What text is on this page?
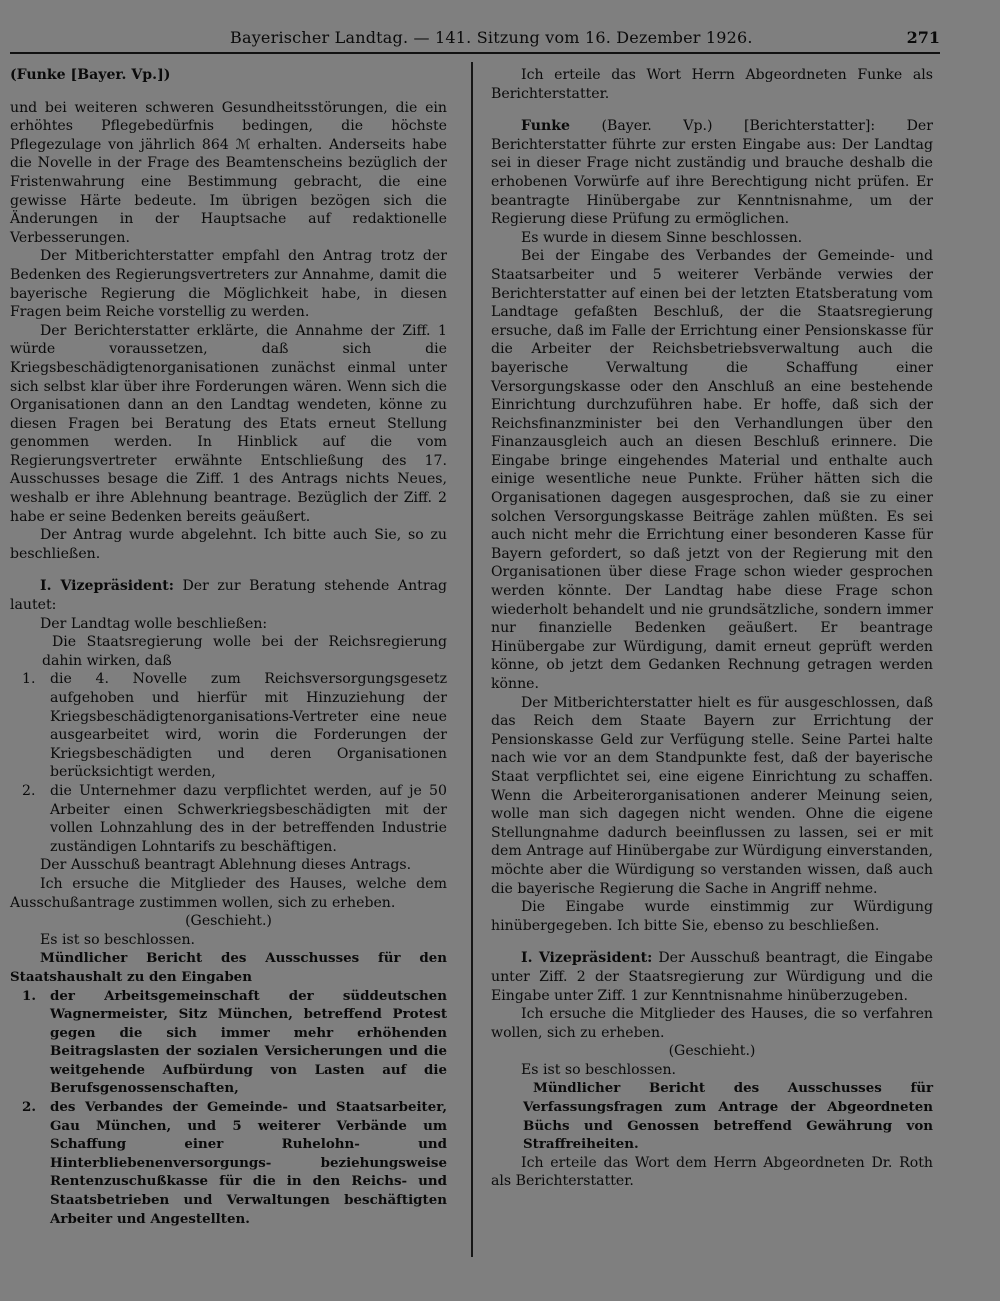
Bayerischer Landtag. — 141. Sitzung vom 16. Dezember 1926.	271

(Funke [Bayer. Vp.])

und bei weiteren schweren Gesundheitsstörungen, die ein erhöhtes Pflegebedürfnis bedingen, die höchste Pflegezulage von jährlich 864 ℳ erhalten. Anderseits habe die Novelle in der Frage des Beamtenscheins bezüglich der Fristenwahrung eine Bestimmung gebracht, die eine gewisse Härte bedeute. Im übrigen bezögen sich die Änderungen in der Hauptsache auf redaktionelle Verbesserungen.

Der Mitberichterstatter empfahl den Antrag trotz der Bedenken des Regierungsvertreters zur Annahme, damit die bayerische Regierung die Möglichkeit habe, in diesen Fragen beim Reiche vorstellig zu werden.

Der Berichterstatter erklärte, die Annahme der Ziff. 1 würde voraussetzen, daß sich die Kriegsbeschädigtenorganisationen zunächst einmal unter sich selbst klar über ihre Forderungen wären. Wenn sich die Organisationen dann an den Landtag wendeten, könne zu diesen Fragen bei Beratung des Etats erneut Stellung genommen werden. In Hinblick auf die vom Regierungsvertreter erwähnte Entschließung des 17. Ausschusses besage die Ziff. 1 des Antrags nichts Neues, weshalb er ihre Ablehnung beantrage. Bezüglich der Ziff. 2 habe er seine Bedenken bereits geäußert.

Der Antrag wurde abgelehnt. Ich bitte auch Sie, so zu beschließen.

I. Vizepräsident: Der zur Beratung stehende Antrag lautet:

Der Landtag wolle beschließen:

Die Staatsregierung wolle bei der Reichsregierung dahin wirken, daß

1. die 4. Novelle zum Reichsversorgungsgesetz aufgehoben und hierfür mit Hinzuziehung der Kriegsbeschädigtenorganisations-Vertreter eine neue ausgearbeitet wird, worin die Forderungen der Kriegsbeschädigten und deren Organisationen berücksichtigt werden,
2. die Unternehmer dazu verpflichtet werden, auf je 50 Arbeiter einen Schwerkriegsbeschädigten mit der vollen Lohnzahlung des in der betreffenden Industrie zuständigen Lohntarifs zu beschäftigen.

Der Ausschuß beantragt Ablehnung dieses Antrags.

Ich ersuche die Mitglieder des Hauses, welche dem Ausschußantrage zustimmen wollen, sich zu erheben.

(Geschieht.)

Es ist so beschlossen.

Mündlicher Bericht des Ausschusses für den Staatshaushalt zu den Eingaben

1. der Arbeitsgemeinschaft der süddeutschen Wagnermeister, Sitz München, betreffend Protest gegen die sich immer mehr erhöhenden Beitragslasten der sozialen Versicherungen und die weitgehende Aufbürdung von Lasten auf die Berufsgenossenschaften,
2. des Verbandes der Gemeinde- und Staatsarbeiter, Gau München, und 5 weiterer Verbände um Schaffung einer Ruhelohn- und Hinterbliebenenversorgungs- beziehungsweise Rentenzuschußkasse für die in den Reichs- und Staatsbetrieben und Verwaltungen beschäftigten Arbeiter und Angestellten.

Ich erteile das Wort Herrn Abgeordneten Funke als Berichterstatter.

Funke (Bayer. Vp.) [Berichterstatter]: Der Berichterstatter führte zur ersten Eingabe aus: Der Landtag sei in dieser Frage nicht zuständig und brauche deshalb die erhobenen Vorwürfe auf ihre Berechtigung nicht prüfen. Er beantragte Hinübergabe zur Kenntnisnahme, um der Regierung diese Prüfung zu ermöglichen.

Es wurde in diesem Sinne beschlossen.

Bei der Eingabe des Verbandes der Gemeinde- und Staatsarbeiter und 5 weiterer Verbände verwies der Berichterstatter auf einen bei der letzten Etatsberatung vom Landtage gefaßten Beschluß, der die Staatsregierung ersuche, daß im Falle der Errichtung einer Pensionskasse für die Arbeiter der Reichsbetriebsverwaltung auch die bayerische Verwaltung die Schaffung einer Versorgungskasse oder den Anschluß an eine bestehende Einrichtung durchzuführen habe. Er hoffe, daß sich der Reichsfinanzminister bei den Verhandlungen über den Finanzausgleich auch an diesen Beschluß erinnere. Die Eingabe bringe eingehendes Material und enthalte auch einige wesentliche neue Punkte. Früher hätten sich die Organisationen dagegen ausgesprochen, daß sie zu einer solchen Versorgungskasse Beiträge zahlen müßten. Es sei auch nicht mehr die Errichtung einer besonderen Kasse für Bayern gefordert, so daß jetzt von der Regierung mit den Organisationen über diese Frage schon wieder gesprochen werden könnte. Der Landtag habe diese Frage schon wiederholt behandelt und nie grundsätzliche, sondern immer nur finanzielle Bedenken geäußert. Er beantrage Hinübergabe zur Würdigung, damit erneut geprüft werden könne, ob jetzt dem Gedanken Rechnung getragen werden könne.

Der Mitberichterstatter hielt es für ausgeschlossen, daß das Reich dem Staate Bayern zur Errichtung der Pensionskasse Geld zur Verfügung stelle. Seine Partei halte nach wie vor an dem Standpunkte fest, daß der bayerische Staat verpflichtet sei, eine eigene Einrichtung zu schaffen. Wenn die Arbeiterorganisationen anderer Meinung seien, wolle man sich dagegen nicht wenden. Ohne die eigene Stellungnahme dadurch beeinflussen zu lassen, sei er mit dem Antrage auf Hinübergabe zur Würdigung einverstanden, möchte aber die Würdigung so verstanden wissen, daß auch die bayerische Regierung die Sache in Angriff nehme.

Die Eingabe wurde einstimmig zur Würdigung hinübergegeben. Ich bitte Sie, ebenso zu beschließen.

I. Vizepräsident: Der Ausschuß beantragt, die Eingabe unter Ziff. 2 der Staatsregierung zur Würdigung und die Eingabe unter Ziff. 1 zur Kenntnisnahme hinüberzugeben.

Ich ersuche die Mitglieder des Hauses, die so verfahren wollen, sich zu erheben.

(Geschieht.)

Es ist so beschlossen.

Mündlicher Bericht des Ausschusses für Verfassungsfragen zum Antrage der Abgeordneten Büchs und Genossen betreffend Gewährung von Straffreiheiten.

Ich erteile das Wort dem Herrn Abgeordneten Dr. Roth als Berichterstatter.
